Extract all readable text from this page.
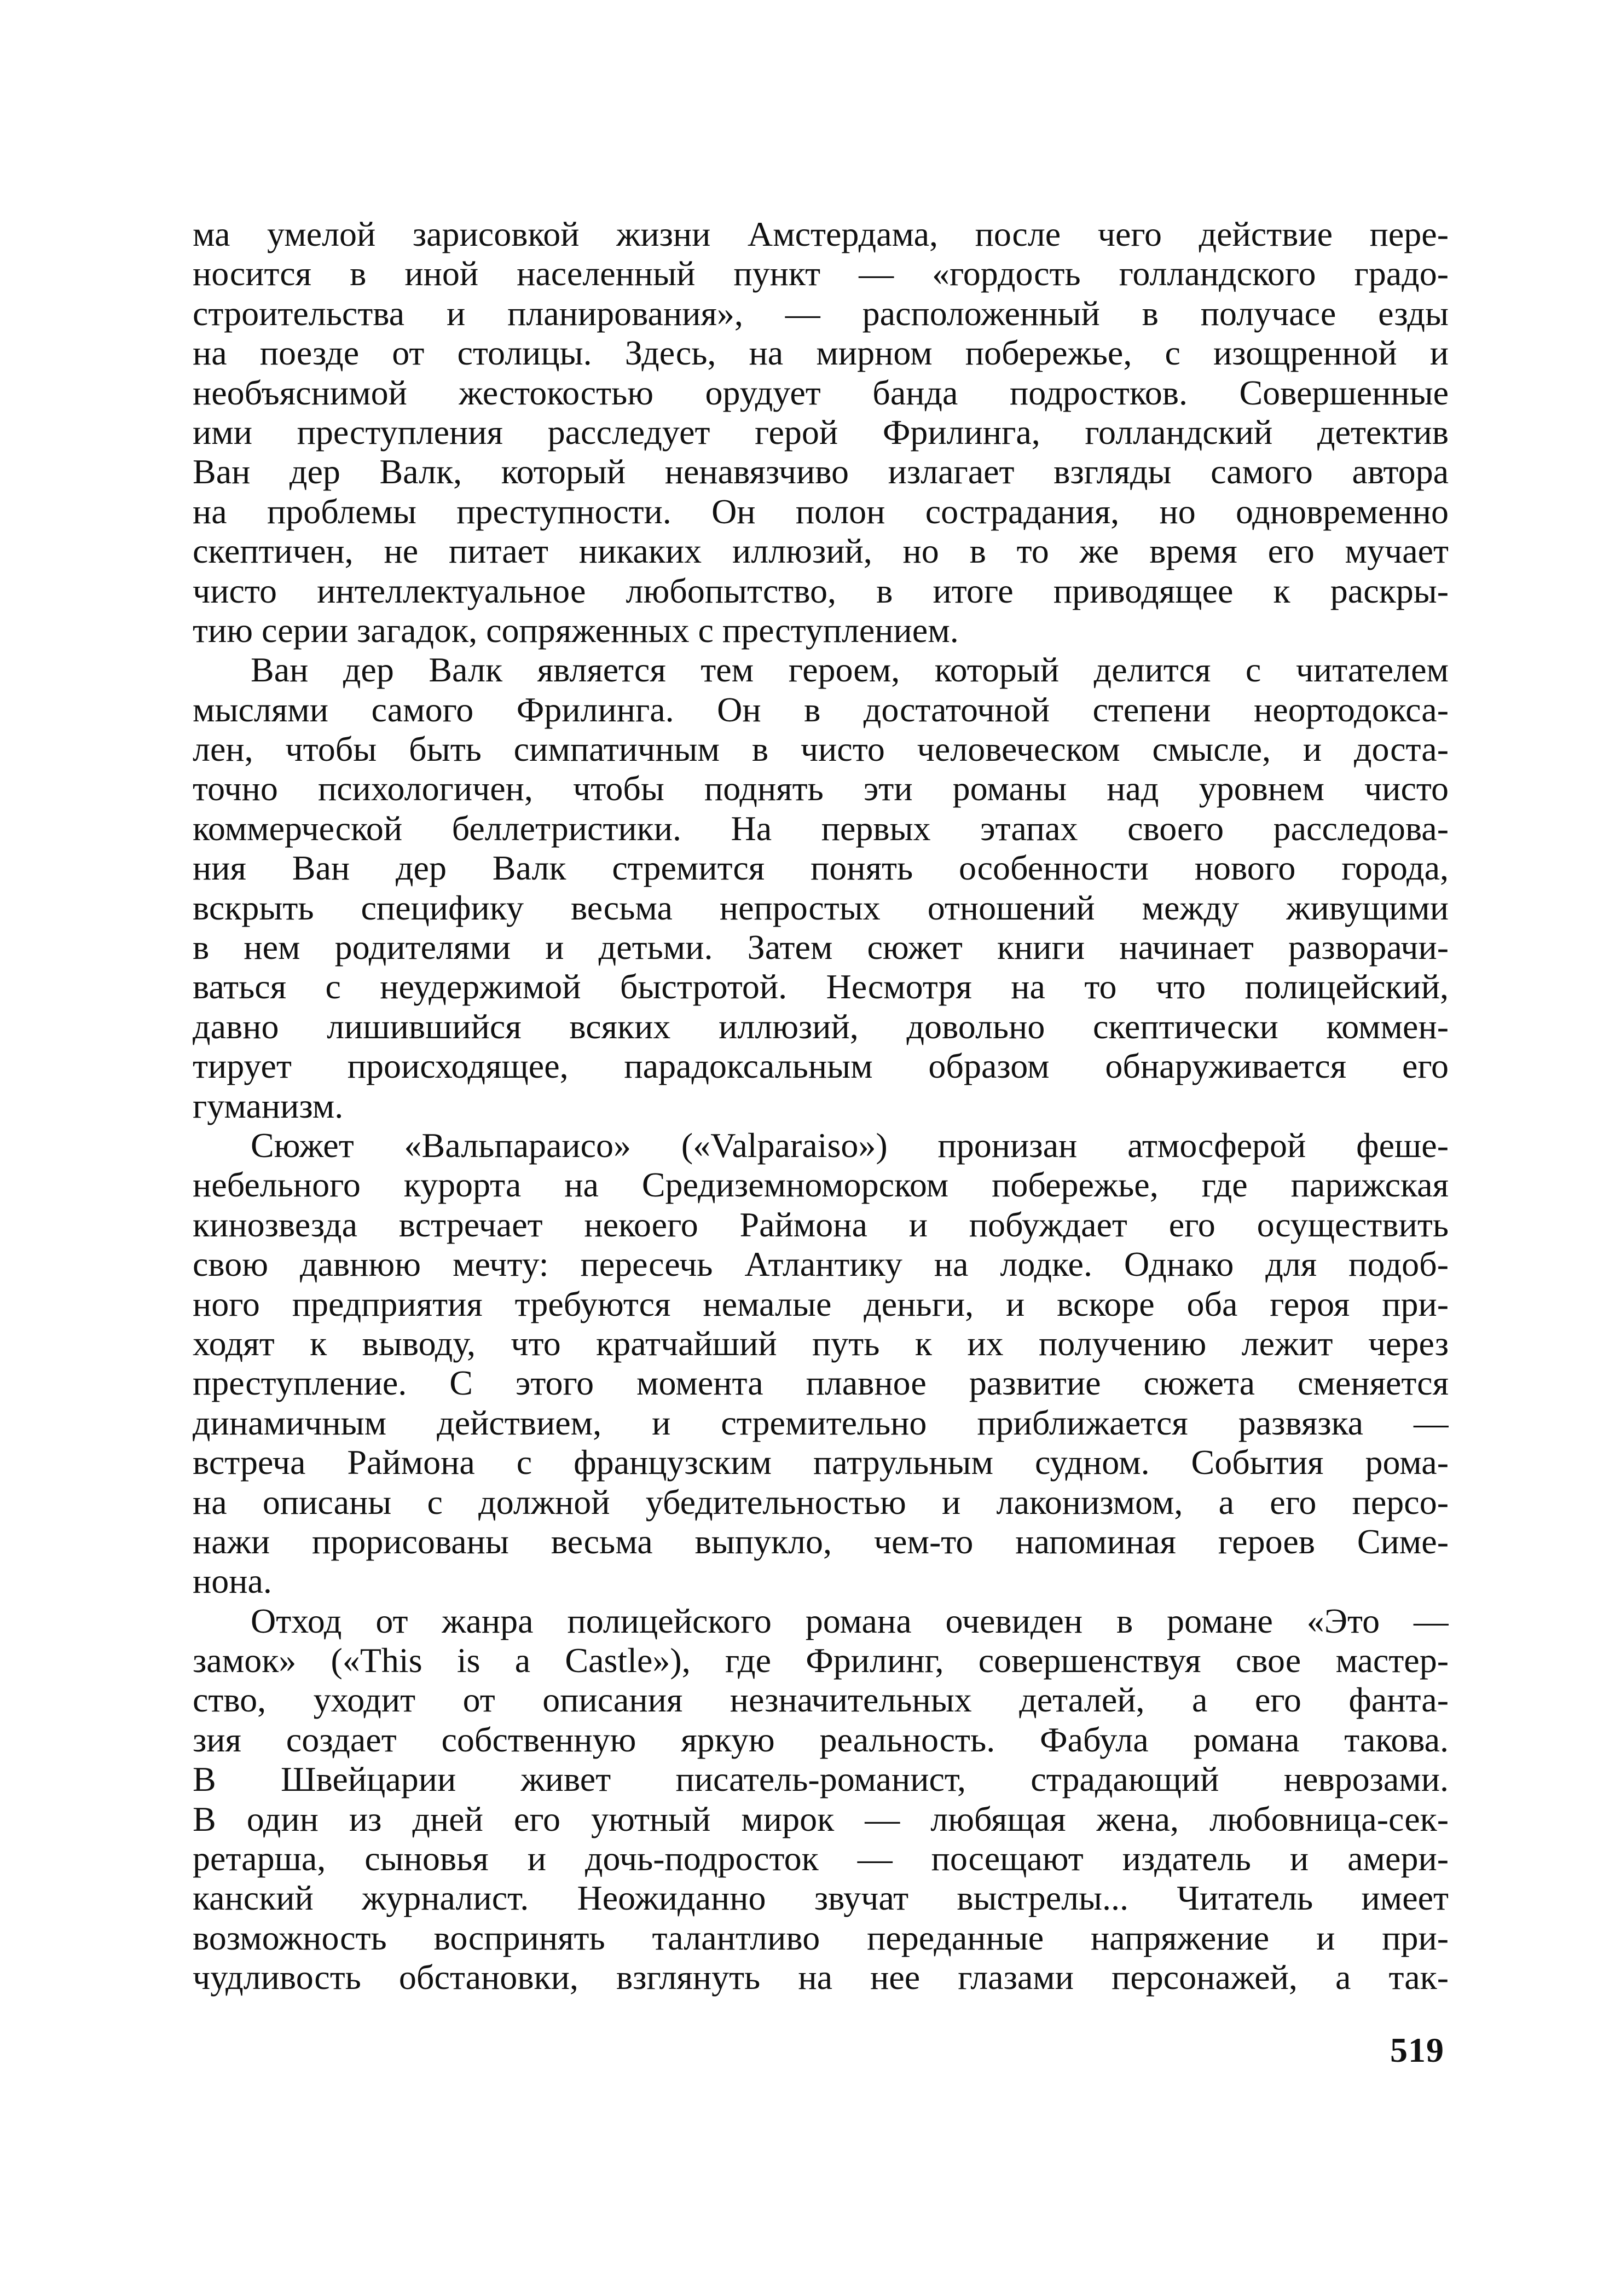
ма умелой зарисовкой жизни Амстердама, после чего действие пере-
носится в иной населенный пункт — «гордость голландского градо-
строительства и планирования», — расположенный в получасе езды
на поезде от столицы. Здесь, на мирном побережье, с изощренной и
необъяснимой жестокостью орудует банда подростков. Совершенные
ими преступления расследует герой Фрилинга, голландский детектив
Ван дер Валк, который ненавязчиво излагает взгляды самого автора
на проблемы преступности. Он полон сострадания, но одновременно
скептичен, не питает никаких иллюзий, но в то же время его мучает
чисто интеллектуальное любопытство, в итоге приводящее к раскры-
тию серии загадок, сопряженных с преступлением.
Ван дер Валк является тем героем, который делится с читателем
мыслями самого Фрилинга. Он в достаточной степени неортодокса-
лен, чтобы быть симпатичным в чисто человеческом смысле, и доста-
точно психологичен, чтобы поднять эти романы над уровнем чисто
коммерческой беллетристики. На первых этапах своего расследова-
ния Ван дер Валк стремится понять особенности нового города,
вскрыть специфику весьма непростых отношений между живущими
в нем родителями и детьми. Затем сюжет книги начинает разворачи-
ваться с неудержимой быстротой. Несмотря на то что полицейский,
давно лишившийся всяких иллюзий, довольно скептически коммен-
тирует происходящее, парадоксальным образом обнаруживается его
гуманизм.
Сюжет «Вальпараисо» («Valparaiso») пронизан атмосферой феше-
небельного курорта на Средиземноморском побережье, где парижская
кинозвезда встречает некоего Раймона и побуждает его осуществить
свою давнюю мечту: пересечь Атлантику на лодке. Однако для подоб-
ного предприятия требуются немалые деньги, и вскоре оба героя при-
ходят к выводу, что кратчайший путь к их получению лежит через
преступление. С этого момента плавное развитие сюжета сменяется
динамичным действием, и стремительно приближается развязка —
встреча Раймона с французским патрульным судном. События рома-
на описаны с должной убедительностью и лаконизмом, а его персо-
нажи прорисованы весьма выпукло, чем-то напоминая героев Симе-
нона.
Отход от жанра полицейского романа очевиден в романе «Это —
замок» («This is a Castle»), где Фрилинг, совершенствуя свое мастер-
ство, уходит от описания незначительных деталей, а его фанта-
зия создает собственную яркую реальность. Фабула романа такова.
В Швейцарии живет писатель-романист, страдающий неврозами.
В один из дней его уютный мирок — любящая жена, любовница-сек-
ретарша, сыновья и дочь-подросток — посещают издатель и амери-
канский журналист. Неожиданно звучат выстрелы... Читатель имеет
возможность воспринять талантливо переданные напряжение и при-
чудливость обстановки, взглянуть на нее глазами персонажей, а так-
519
